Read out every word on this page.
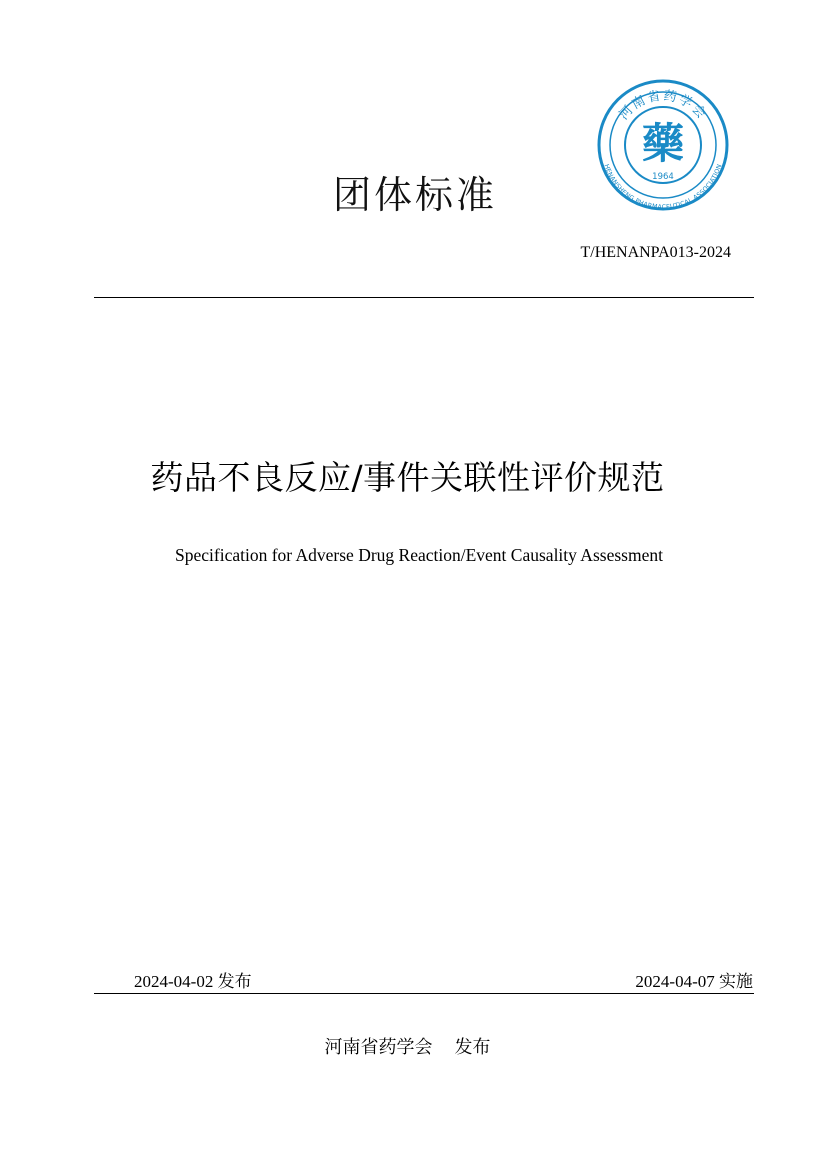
河南省药学会
HENANSHENG PHARMACEUTICAL ASSOCIATION
藥
1964
团体标准
T/HENANPA013-2024
药品不良反应/事件关联性评价规范
Specification for Adverse Drug Reaction/Event Causality Assessment
2024-04-02 发布	2024-04-07 实施
河南省药学会 发布
